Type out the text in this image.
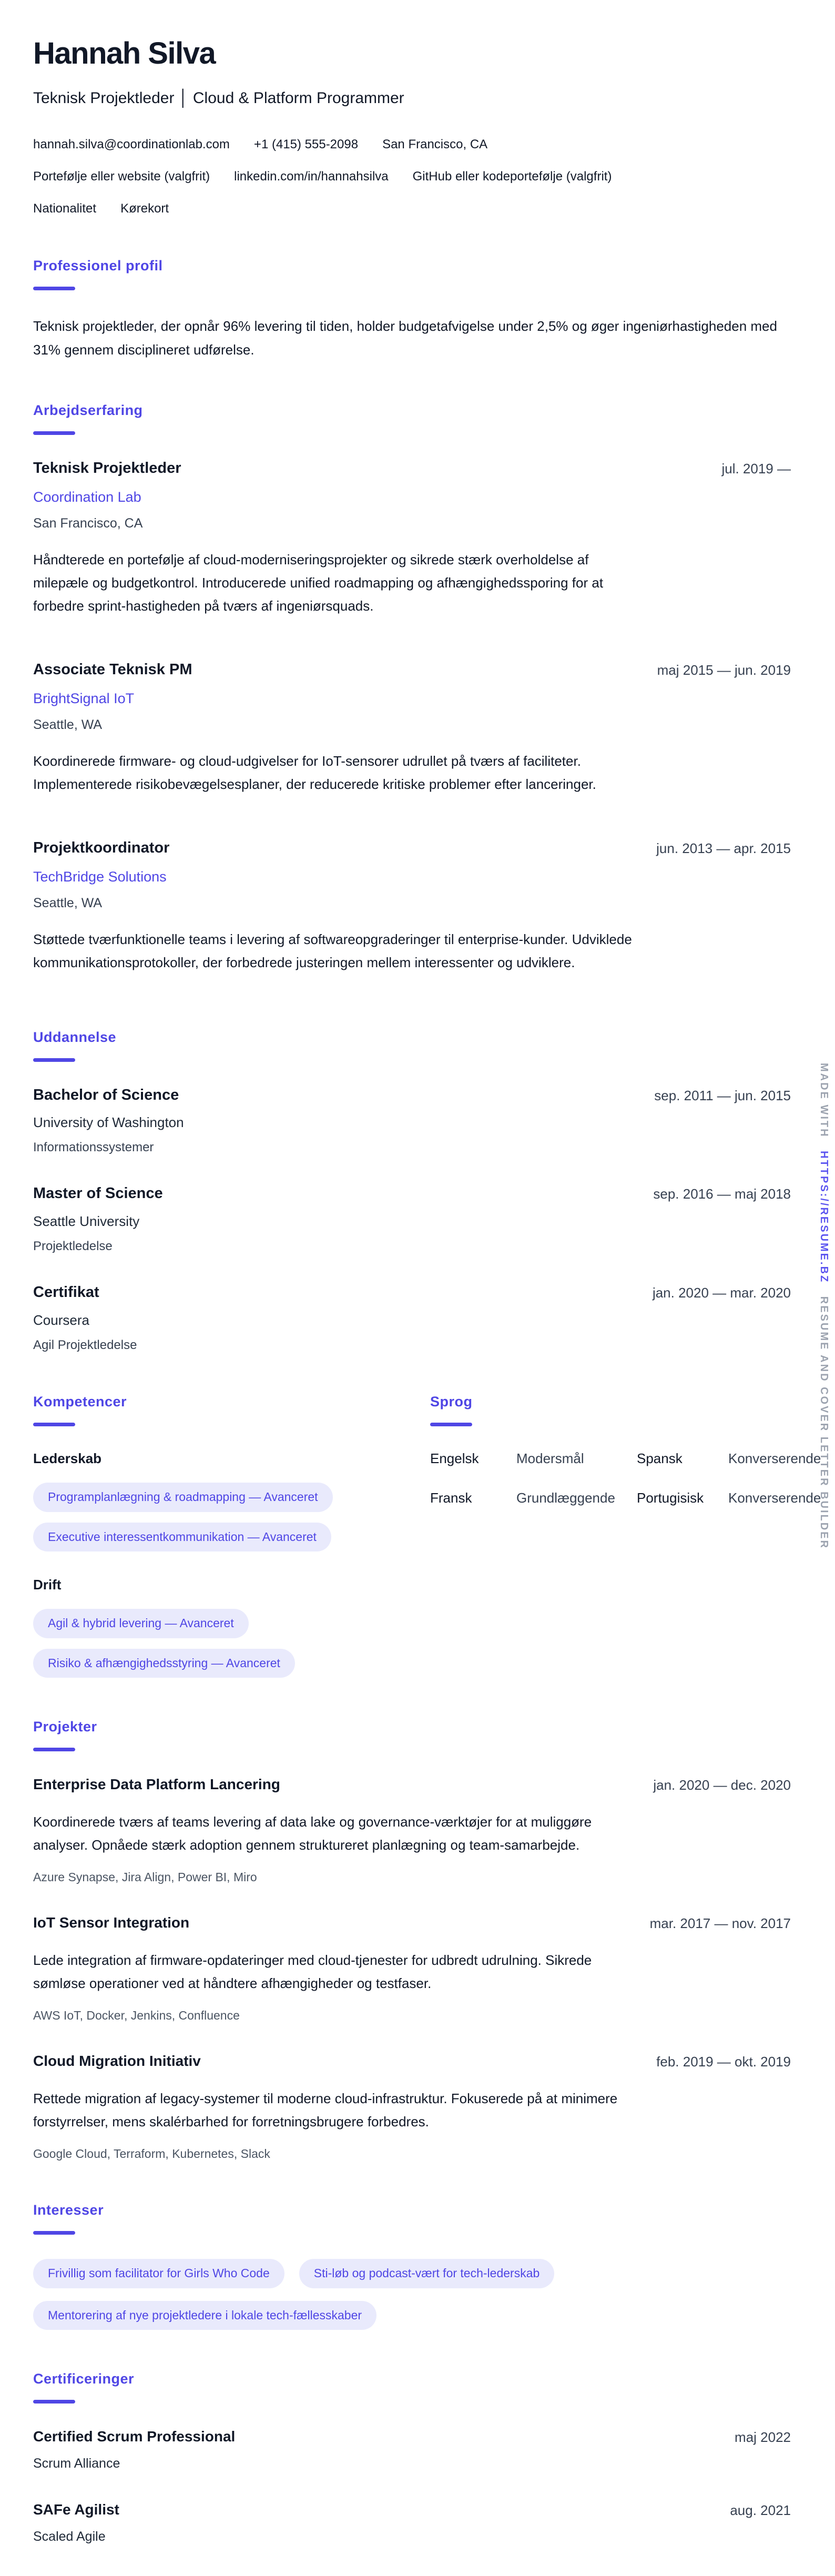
Hannah Silva
Teknisk Projektleder │ Cloud & Platform Programmer
hannah.silva@coordinationlab.com +1 (415) 555-2098 San Francisco, CA
Portefølje eller website (valgfrit) linkedin.com/in/hannahsilva GitHub eller kodeportefølje (valgfrit)
Nationalitet Kørekort
Professionel profil

Teknisk projektleder, der opnår 96% levering til tiden, holder budgetafvigelse under 2,5% og øger ingeniørhastigheden med 31% gennem disciplineret udførelse.

Arbejdserfaring
Teknisk Projektleder
Coordination Lab
San Francisco, CA

Håndterede en portefølje af cloud-moderniseringsprojekter og sikrede stærk overholdelse af milepæle og budgetkontrol. Introducerede unified roadmapping og afhængighedssporing for at forbedre sprint-hastigheden på tværs af ingeniørsquads.

jul. 2019 —
Associate Teknisk PM
BrightSignal IoT
Seattle, WA

Koordinerede firmware- og cloud-udgivelser for IoT-sensorer udrullet på tværs af faciliteter. Implementerede risikobevægelsesplaner, der reducerede kritiske problemer efter lanceringer.

maj 2015 — jun. 2019
Projektkoordinator
TechBridge Solutions
Seattle, WA

Støttede tværfunktionelle teams i levering af softwareopgraderinger til enterprise-kunder. Udviklede kommunikationsprotokoller, der forbedrede justeringen mellem interessenter og udviklere.

jun. 2013 — apr. 2015
Uddannelse
Bachelor of Science
University of Washington
Informationssystemer
sep. 2011 — jun. 2015
Master of Science
Seattle University
Projektledelse
sep. 2016 — maj 2018
Certifikat
Coursera
Agil Projektledelse
jan. 2020 — mar. 2020
Kompetencer
Lederskab
Programplanlægning & roadmapping — Avanceret
Executive interessentkommunikation — Avanceret
Drift
Agil & hybrid levering — Avanceret
Risiko & afhængighedsstyring — Avanceret
Sprog
Engelsk	Modersmål	Spansk	Konverserende
Fransk	Grundlæggende	Portugisisk	Konverserende
Projekter
Enterprise Data Platform Lancering

Koordinerede tværs af teams levering af data lake og governance-værktøjer for at muliggøre analyser. Opnåede stærk adoption gennem struktureret planlægning og team-samarbejde.

Azure Synapse, Jira Align, Power BI, Miro
jan. 2020 — dec. 2020
IoT Sensor Integration

Lede integration af firmware-opdateringer med cloud-tjenester for udbredt udrulning. Sikrede sømløse operationer ved at håndtere afhængigheder og testfaser.

AWS IoT, Docker, Jenkins, Confluence
mar. 2017 — nov. 2017
Cloud Migration Initiativ

Rettede migration af legacy-systemer til moderne cloud-infrastruktur. Fokuserede på at minimere forstyrrelser, mens skalérbarhed for forretningsbrugere forbedres.

Google Cloud, Terraform, Kubernetes, Slack
feb. 2019 — okt. 2019
Interesser
Frivillig som facilitator for Girls Who Code	Sti-løb og podcast-vært for tech-lederskab
Mentorering af nye projektledere i lokale tech-fællesskaber
Certificeringer
Certified Scrum Professional
Scrum Alliance
maj 2022
SAFe Agilist
Scaled Agile
aug. 2021
MADE WITH HTTPS://RESUME.BZ RESUME AND COVER LETTER BUILDER
